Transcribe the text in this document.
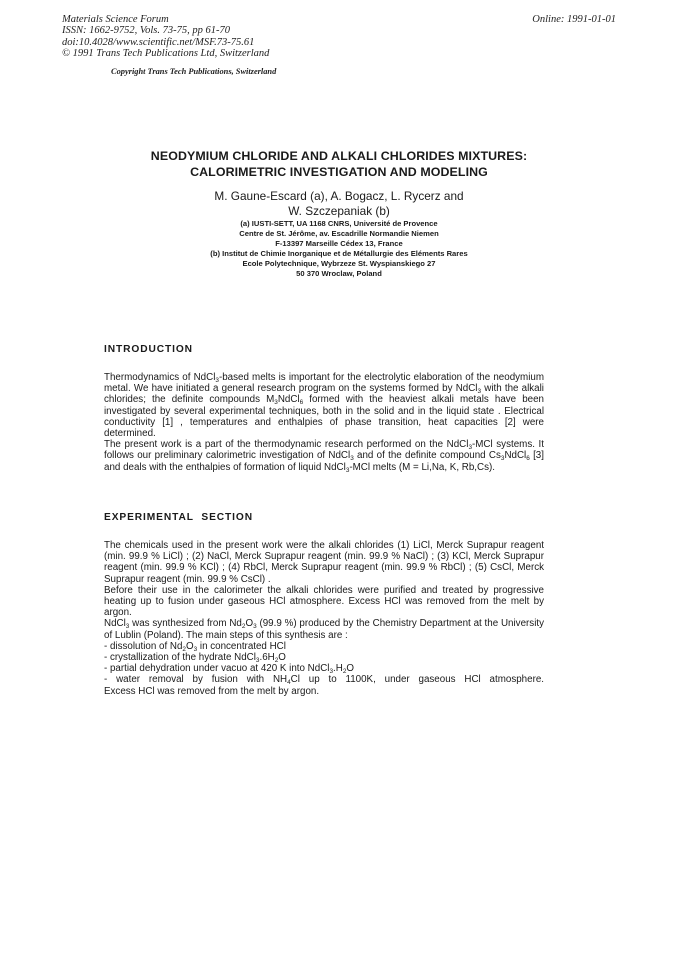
Materials Science Forum
ISSN: 1662-9752, Vols. 73-75, pp 61-70
doi:10.4028/www.scientific.net/MSF.73-75.61
© 1991 Trans Tech Publications Ltd, Switzerland
Online: 1991-01-01
Copyright Trans Tech Publications, Switzerland
NEODYMIUM CHLORIDE AND ALKALI CHLORIDES MIXTURES:
CALORIMETRIC INVESTIGATION AND MODELING
M. Gaune-Escard (a), A. Bogacz, L. Rycerz and
W. Szczepaniak (b)
(a) IUSTI-SETT, UA 1168 CNRS, Université de Provence
Centre de St. Jérôme, av. Escadrille Normandie Niemen
F-13397 Marseille Cédex 13, France
(b) Institut de Chimie Inorganique et de Métallurgie des Eléments Rares
Ecole Polytechnique, Wybrzeze St. Wyspianskiego 27
50 370 Wroclaw, Poland
INTRODUCTION

Thermodynamics of NdCl$_3$-based melts is important for the electrolytic elaboration of the neodymium metal. We have initiated a general research program on the systems formed by NdCl$_3$ with the alkali chlorides; the definite compounds $M_3NdCl_6$ formed with the heaviest alkali metals have been investigated by several experimental techniques, both in the solid and in the liquid state . Electrical conductivity [1] , temperatures and enthalpies of phase transition, heat capacities [2] were determined.

The present work is a part of the thermodynamic research performed on the NdCl$_3$-MCl systems. It follows our preliminary calorimetric investigation of NdCl$_3$ and of the definite compound $Cs_3NdCl_6$ [3] and deals with the enthalpies of formation of liquid NdCl$_3$-MCl melts (M = Li,Na, K, Rb,Cs).

EXPERIMENTAL SECTION

The chemicals used in the present work were the alkali chlorides (1) LiCl, Merck Suprapur reagent (min. 99.9 % LiCl) ; (2) NaCl, Merck Suprapur reagent (min. 99.9 % NaCl) ; (3) KCl, Merck Suprapur reagent (min. 99.9 % KCl) ; (4) RbCl, Merck Suprapur reagent (min. 99.9 % RbCl) ; (5) CsCl, Merck Suprapur reagent (min. 99.9 % CsCl) .

Before their use in the calorimeter the alkali chlorides were purified and treated by progressive heating up to fusion under gaseous HCl atmosphere. Excess HCl was removed from the melt by argon.

NdCl$_3$ was synthesized from $Nd_2O_3$ (99.9 %) produced by the Chemistry Department at the University of Lublin (Poland). The main steps of this synthesis are :

- dissolution of $Nd_2O_3$ in concentrated HCl

- crystallization of the hydrate $NdCl_3.6H_2O$

- partial dehydration under vacuo at 420 K into $NdCl_3.H_2O$

- water removal by fusion with $NH_4Cl$ up to 1100K, under gaseous HCl atmosphere.

Excess HCl was removed from the melt by argon.
